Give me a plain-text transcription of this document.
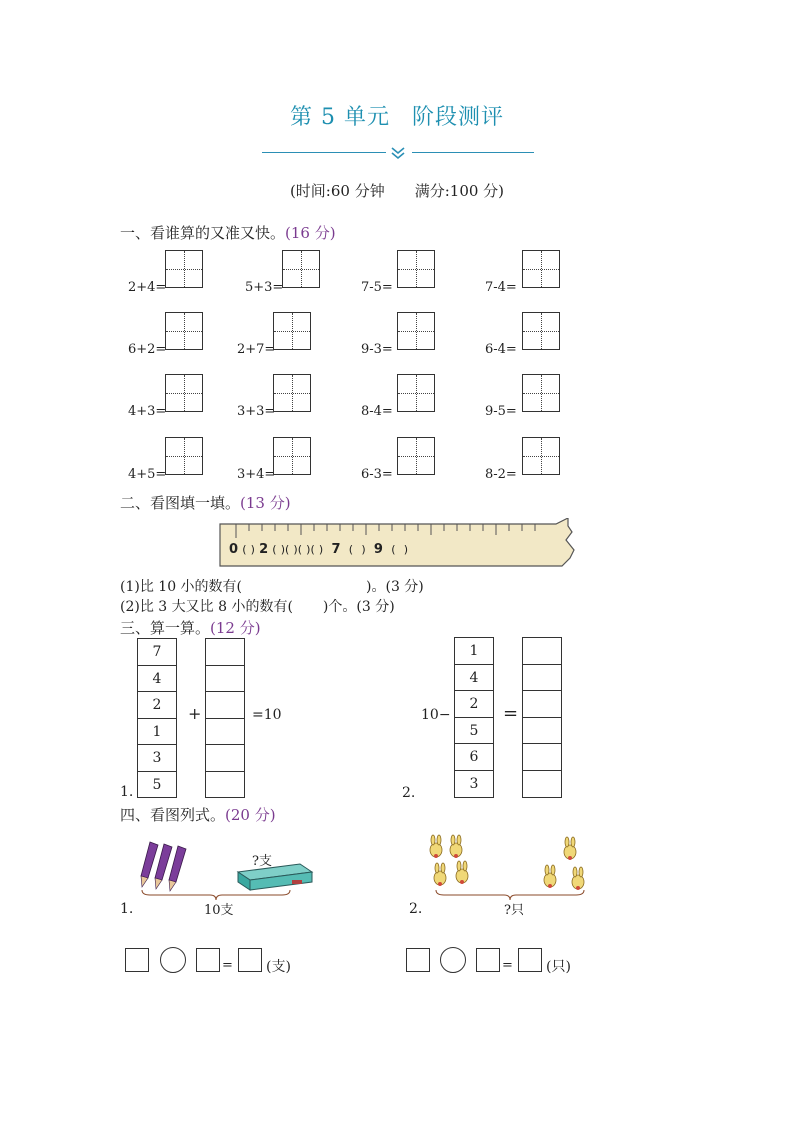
第 5 单元 阶段测评
(时间:60 分钟 满分:100 分)
一、看谁算的又准又快。(16 分)
2+4=	5+3=	7-5=	7-4=
6+2=	2+7=	9-3=	6-4=
4+3=	3+3=	8-4=	9-5=
4+5=	3+4=	6-3=	8-2=
二、看图填一填。(13 分)
0 ( ) 2 ( )( )( )( ) 7 ( ) 9 ( )
(1)比 10 小的数有(	)。(3 分)
(2)比 3 大又比 8 小的数有( )个。(3 分)
三、算一算。(12 分)
1.
7
4
2
1
3
5
+	=10
2.
10−
1
4
2
5
6
3
=
四、看图列式。(20 分)
1.
?支
10支	2.	?只
= (支)	= (只)
